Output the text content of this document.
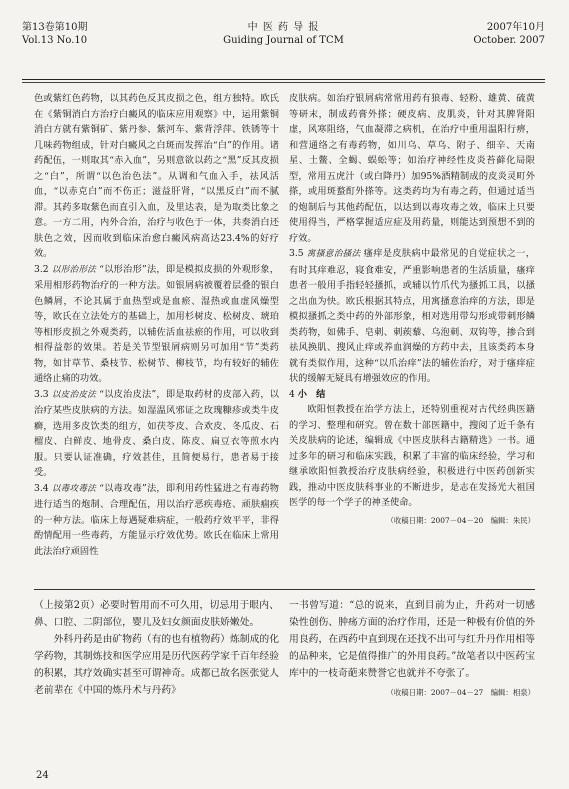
第13卷第10期
Vol.13 No.10
中 医 药 导 报
Guiding Journal of TCM
2007年10月
October. 2007

色或紫红色药物，以其药色反其皮损之色，组方独特。欧氏在《紫铜消白方治疗白癜风的临床应用观察》中，运用紫铜消白方就有紫铜矿、紫丹参、紫河车、紫背浮萍、铁锈等十几味药物组成，针对白癜风之白斑而发挥治“白”的作用。诸药配伍，一则取其“赤入血”，另则意欲以药之“黑”反其皮损之“白”，所谓“以色治色法”。从调和气血入手，祛风活血，“以赤克白”而不伤正；滋益肝肾，“以黑反白”而不腻滞。其药多取紫色而直引入血，及里达表，是为取类比象之意。一方二用，内外合治，治疗与收色于一体，共奏消白还肤色之效，因而收到临床治愈白癜风病高达23.4%的好疗效。

3.2 以形治形法 “以形治形”法，即是模拟皮损的外观形象，采用相形药物治疗的一种方法。如银屑病被覆着层叠的银白色鳞屑，不论其属于血热型或是血瘀、湿热或血虚风燥型等，欧氏在立法处方的基础上，加用杉树皮、松树皮、琥珀等相形皮损之外观类药，以辅佐活血祛瘀的作用，可以收到相得益彰的效果。若是关节型银屑病则另可加用“节”类药物，如甘草节、桑枝节、松树节、柳枝节，均有较好的辅佐通络止痛的功效。

3.3 以皮治皮法 “以皮治皮法”，即是取药材的皮部入药，以治疗某些皮肤病的方法。如湿温风邪证之玫瑰糠疹或类牛皮癣，选用多皮饮类的组方，如茯苓皮、合欢皮、冬瓜皮、石榴皮、白鲜皮、地骨皮、桑白皮、陈皮、扁豆衣等煎水内服。只要认证准确，疗效甚佳，且简便易行，患者易于接受。

3.4 以毒攻毒法 “以毒攻毒”法，即利用药性猛进之有毒药物进行适当的炮制、合理配伍，用以治疗恶疾毒疮、顽肤痼疾的一种方法。临床上每遇疑难病症，一般药疗效平平，非得酌情配用一些毒药，方能显示疗效优势。欧氏在临床上常用此法治疗顽固性

皮肤病。如治疗银屑病常常用药有狼毒、轻粉、雄黄、硫黄等研末，制成药膏外搽；硬皮病、皮肌炎，针对其脾肾阳虚，风寒阻络，气血凝滞之病机，在治疗中重用温阳行痹，和营通络之有毒药物，如川乌、草乌、附子、细辛、天南星、土鳖、全蝎、蜈蚣等；如治疗神经性皮炎苔藓化局限型，常用五虎汁（或白降丹）加95%酒精制成的皮炎灵町外搽，或用斑蝥酊外搽等。这类药均为有毒之药，但通过适当的炮制后与其他药配伍，以达到以毒攻毒之效，临床上只要使用得当，严格掌握适应症及用药量，则能达到预想不到的疗效。

3.5 寓搔意治搔法 瘙痒是皮肤病中最常见的自觉症状之一，有时其痒难忍，寝食难安，严重影响患者的生活质量，瘙痒患者一般用手指轻轻搔抓，或辅以竹爪代为搔抓工具，以搔之出血为快。欧氏根据其特点，用寓搔意治痒的方法，即是模拟搔抓之类中药的外部形象，相对选用带勾形或带刺形鳞类药物，如佛手、皂刺、刺蒺藜、乌泡刺、双钩等，掺合到祛风换肌、搜风止痒或养血润燥的方药中去，且该类药本身就有类似作用，这种“以爪治痒”法的辅佐治疗，对于瘙痒症状的缓解无疑具有增强效应的作用。

4 小　结

欧阳恒教授在治学方法上，还特别重视对古代经典医籍的学习、整理和研究。曾在数十部医籍中，搜阅了近千条有关皮肤病的论述，编辑成《中医皮肤科古籍精选》一书。通过多年的研习和临床实践，积累了丰富的临床经验，学习和继承欧阳恒教授治疗皮肤病经验，积极进行中医药创新实践，推动中医皮肤科事业的不断进步，是志在发扬光大祖国医学的每一个学子的神圣使命。

（收稿日期：2007－04－20　编辑：朱民）

（上接第2页）必要时暂用而不可久用，切忌用于眼内、鼻、口腔、二阴部位，婴儿及妇女颜面皮肤娇嫩处。

外科丹药是由矿物药（有的也有植物药）炼制成的化学药物，其制炼技和医学应用是历代医药学家千百年经验的积累，其疗效确实甚至可谓神奇。成都已故名医张觉人老前辈在《中国的炼丹术与丹药》

一书曾写道：“总的说来，直到目前为止，升药对一切感染性创伤、肿疡方面的治疗作用，还是一种极有价值的外用良药，在西药中直到现在还找不出可与红升丹作用相等的品种来，它是值得推广的外用良药。”故笔者以中医药宝库中的一枝奇葩来赞誉它也就并不夸张了。

（收稿日期：2007－04－27　编辑：相泉）

24
